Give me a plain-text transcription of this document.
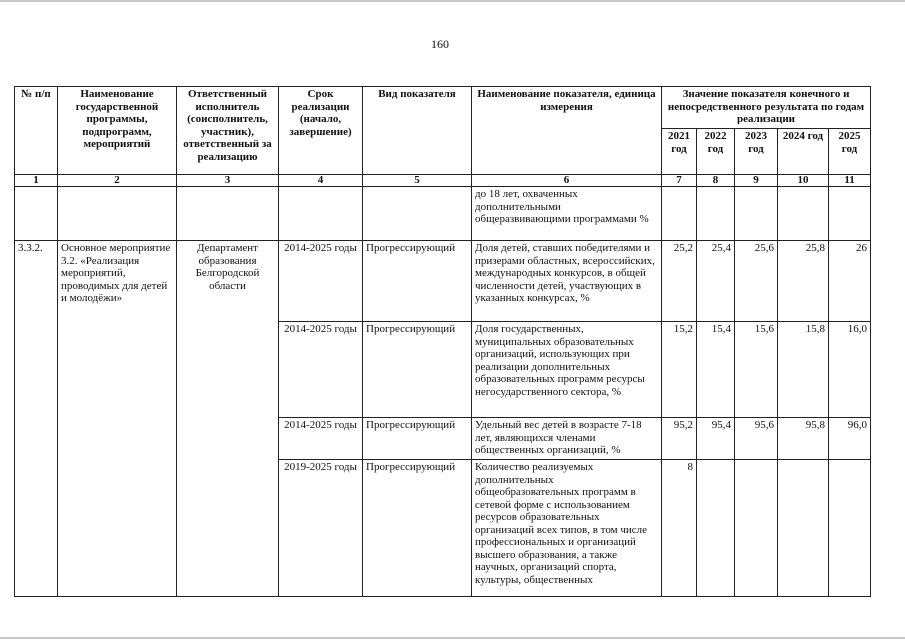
160
№ п/п	Наименование государственной программы, подпрограмм, мероприятий	Ответственный исполнитель (соисполнитель, участник), ответственный за реализацию	Срок реализации (начало, завершение)	Вид показателя	Наименование показателя, единица измерения	Значение показателя конечного и непосредственного результата по годам реализации				

						2021 год	2022 год	2023 год	2024 год	2025 год
1	2	3	4	5	6	7	8	9	10	11
					до 18 лет, охваченных дополнительными общеразвивающими программами %					
3.3.2.	Основное мероприятие 3.2. «Реализация мероприятий, проводимых для детей и молодёжи»	Департамент образования Белгородской области	2014-2025 годы	Прогрессирующий	Доля детей, ставших победителями и призерами областных, всероссийских, международных конкурсов, в общей численности детей, участвующих в указанных конкурсах, %	25,2	25,4	25,6	25,8	26
			2014-2025 годы	Прогрессирующий	Доля государственных, муниципальных образовательных организаций, использующих при реализации дополнительных образовательных программ ресурсы негосударственного сектора, %	15,2	15,4	15,6	15,8	16,0
			2014-2025 годы	Прогрессирующий	Удельный вес детей в возрасте 7-18 лет, являющихся членами общественных организаций, %	95,2	95,4	95,6	95,8	96,0
			2019-2025 годы	Прогрессирующий	Количество реализуемых дополнительных общеобразовательных программ в сетевой форме с использованием ресурсов образовательных организаций всех типов, в том числе профессиональных и организаций высшего образования, а также научных, организаций спорта, культуры, общественных	8				
